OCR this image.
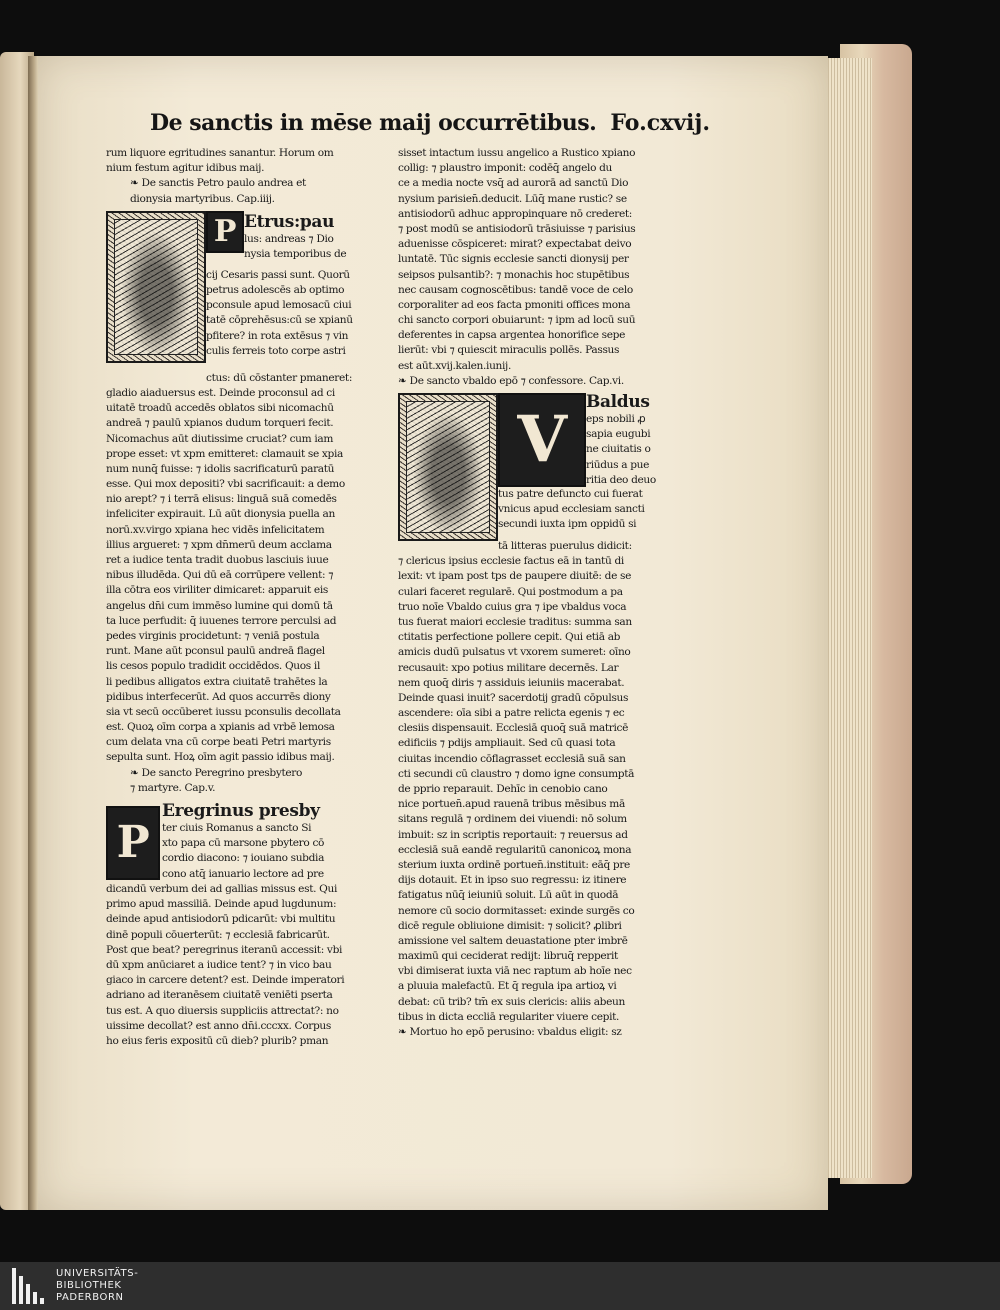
De sanctis in mēse maij occurrētibus. Fo.cxvij.
rum liquore egritudines sanantur. Horum om
nium festum agitur idibus maij.
❧ De sanctis Petro paulo andrea et
dionysia martyribus. Cap.iiij.
P Etrus:pau
lus: andreas ⁊ Dio
nysia temporibus de
cij Cesaris passi sunt. Quorū
petrus adolescēs ab optimo
pconsule apud lemosacū ciui
tatē cōprehēsus:cū se xpianū
pfitere? in rota extēsus ⁊ vin
culis ferreis toto corpe astri
ctus: dū cōstanter pmaneret:
gladio aiaduersus est. Deinde proconsul ad ci
uitatē troadū accedēs oblatos sibi nicomachū
andreā ⁊ paulū xpianos dudum torqueri fecit.
Nicomachus aūt diutissime cruciat? cum iam
prope esset: vt xpm emitteret: clamauit se xpia
num nunq̄ fuisse: ⁊ idolis sacrificaturū paratū
esse. Qui mox depositi? vbi sacrificauit: a demo
nio arept? ⁊ i terrā elisus: linguā suā comedēs
infeliciter expirauit. Lū aūt dionysia puella an
norū.xv.virgo xpiana hec vidēs infelicitatem
illius argueret: ⁊ xpm dn̄merū deum acclama
ret a iudice tenta tradit duobus lasciuis iuue
nibus illudēda. Qui dū eā corrūpere vellent: ⁊
illa cōtra eos viriliter dimicaret: apparuit eis
angelus dn̄i cum immēso lumine qui domū tā
ta luce perfudit: q̄ iuuenes terrore perculsi ad
pedes virginis procidetunt: ⁊ veniā postula
runt. Mane aūt pconsul paulū andreā flagel
lis cesos populo tradidit occidēdos. Quos il
li pedibus alligatos extra ciuitatē trahētes la
pidibus interfecerūt. Ad quos accurrēs diony
sia vt secū occūberet iussu pconsulis decollata
est. Quoꝝ oīm corpa a xpianis ad vrbē lemosa
cum delata vna cū corpe beati Petri martyris
sepulta sunt. Hoꝝ oīm agit passio idibus maij.
❧ De sancto Peregrino presbytero
⁊ martyre. Cap.v.
P
Eregrinus presby
ter ciuis Romanus a sancto Si
xto papa cū marsone pbytero cō
cordio diacono: ⁊ iouiano subdia
cono atq̄ ianuario lectore ad pre
dicandū verbum dei ad gallias missus est. Qui
primo apud massiliā. Deinde apud lugdunum:
deinde apud antisiodorū pdicarūt: vbi multitu
dinē populi cōuerterūt: ⁊ ecclesiā fabricarūt.
Post que beat? peregrinus iteranū accessit: vbi
dū xpm anūciaret a iudice tent? ⁊ in vico bau
giaco in carcere detent? est. Deinde imperatori
adriano ad iteranēsem ciuitatē veniēti pserta
tus est. A quo diuersis suppliciis attrectat?: no
uissime decollat? est anno dn̄i.cccxx. Corpus
ho eius feris expositū cū dieb? plurib? pman
sisset intactum iussu angelico a Rustico xpiano
collig: ⁊ plaustro imponit: codēq̄ angelo du
ce a media nocte vsq̄ ad aurorā ad sanctū Dio
nysium parisien̄.deducit. Lūq̄ mane rustic? se
antisiodorū adhuc appropinquare nō crederet:
⁊ post modū se antisiodorū trāsiuisse ⁊ parisius
aduenisse cōspiceret: mirat? expectabat deivo
luntatē. Tūc signis ecclesie sancti dionysij per
seipsos pulsantib?: ⁊ monachis hoc stupētibus
nec causam cognoscētibus: tandē voce de celo
corporaliter ad eos facta pmoniti offices mona
chi sancto corpori obuiarunt: ⁊ ipm ad locū suū
deferentes in capsa argentea honorifice sepe
lierūt: vbi ⁊ quiescit miraculis pollēs. Passus
est aūt.xvij.kalen.iunij.
❧ De sancto vbaldo epō ⁊ confessore. Cap.vi.
V	Baldus
eps nobili ꝓ
sapia eugubi
ne ciuitatis o
riūdus a pue
ritia deo deuo
tus patre defuncto cui fuerat
vnicus apud ecclesiam sancti
secundi iuxta ipm oppidū si
tā litteras puerulus didicit:
⁊ clericus ipsius ecclesie factus eā in tantū di
lexit: vt ipam post tps de paupere diuitē: de se
culari faceret regularē. Qui postmodum a pa
truo noīe Vbaldo cuius gra ⁊ ipe vbaldus voca
tus fuerat maiori ecclesie traditus: summa san
ctitatis perfectione pollere cepit. Qui etiā ab
amicis dudū pulsatus vt vxorem sumeret: oīno
recusauit: xpo potius militare decernēs. Lar
nem quoq̄ diris ⁊ assiduis ieiuniis macerabat.
Deinde quasi inuit? sacerdotij gradū cōpulsus
ascendere: oīa sibi a patre relicta egenis ⁊ ec
clesiis dispensauit. Ecclesiā quoq̄ suā matricē
edificiis ⁊ pdijs ampliauit. Sed cū quasi tota
ciuitas incendio cōflagrasset ecclesiā suā san
cti secundi cū claustro ⁊ domo igne consumptā
de pprio reparauit. Dehīc in cenobio cano
nice portuen̄.apud rauenā tribus mēsibus mā
sitans regulā ⁊ ordinem dei viuendi: nō solum
imbuit: sz in scriptis reportauit: ⁊ reuersus ad
ecclesiā suā eandē regularitū canonicoꝝ mona
sterium iuxta ordinē portuen̄.instituit: eāq̄ pre
dijs dotauit. Et in ipso suo regressu: iz itinere
fatigatus nūq̄ ieiuniū soluit. Lū aūt in quodā
nemore cū socio dormitasset: exinde surgēs co
dicē regule obliuione dimisit: ⁊ solicit? ꝓlibri
amissione vel saltem deuastatione pter imbrē
maximū qui ceciderat redijt: libruq̄ repperit
vbi dimiserat iuxta viā nec raptum ab hoīe nec
a pluuia malefactū. Et q̄ regula ipa artioꝝ vi
debat: cū trib? tm̄ ex suis clericis: aliis abeun
tibus in dicta eccliā regulariter viuere cepit.
❧ Mortuo ho epō perusino: vbaldus eligit: sz
UNIVERSITÄTS-
BIBLIOTHEK
PADERBORN
